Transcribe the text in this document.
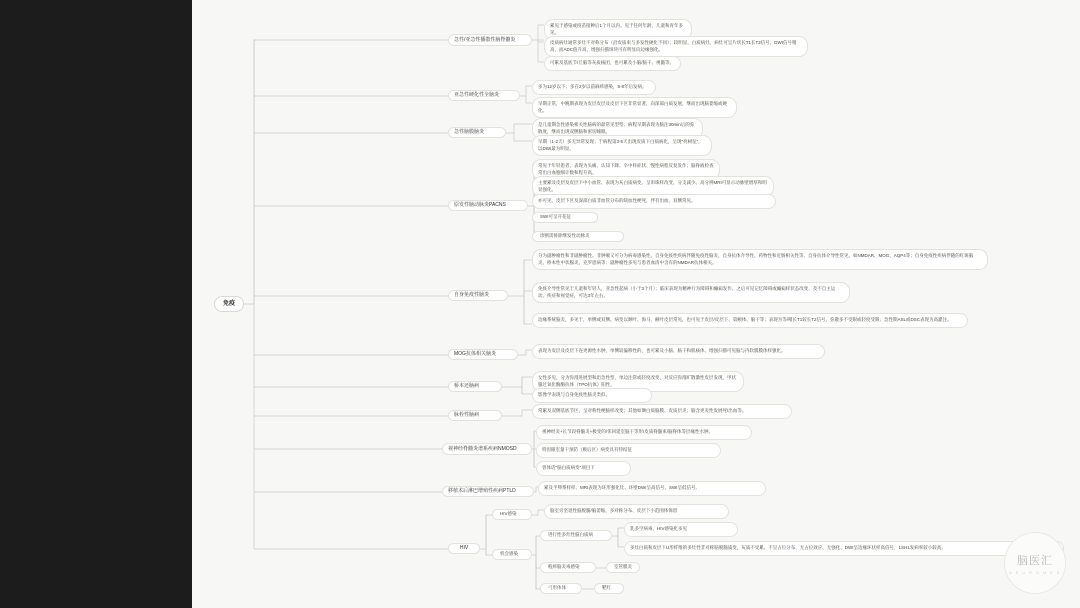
免疫
急性/亚急性播散性脑脊髓炎
累见于感染或疫苗接种后1个月以内。见于任何年龄，儿童和青年多见。
皮质病灶通常多灶不对称分布（沿皮质束与多发性硬化不同）；较明显，白质病灶，病灶可呈片状长T1长T2信号，DWI信号稍高，而ADC值升高，增强扫描斑块可有明显向边缘强化。
可累及基底节/丘脑等灰质核团，也可累及小脑/脑干、视髓等。
亚急性硬化性全脑炎
多为12岁以下；多在2岁以前麻疹感染，5-8年后发病。
早期正常，中晚期表现为皮层皮层及皮层下区非常显著，向深部白质发展，继而出现脑萎缩或硬化。
急性脑膜脑炎
是儿童期急性感染相关性脑病的最常见型型；病程早期表现为脑注30min后的弥散度，继而出现双侧脑和密切睡眠。
早期（1-2天）多无异常发现；于病程第3-5天出现皮质下白质病化，呈现"亮树征"，以DWI最为明显。
原发性脑动脉炎PACNS
常见于年轻患者，表现为头痛、认知下降、卒中样症状、慢性病程反复发作；脑脊液检查常出白血胞细计数和程升高。
主要累及皮层及皮层下中小血管、表现为灰白质病变、呈串珠样改变、分支减少。高分辨MRI可显示动脉壁增厚和明显强化。
亦可见，皮层下区及深部白质非血管分布的缺血性梗死，伴有出血，双侧常见。
SWI可呈开花征
诊断需排除继发性动脉炎
自身免疫性脑炎
分为副肿瘤性和非副肿瘤性。非肿瘤又可分为病毒感染性、自身免疫性疾病伴随免疫性脑炎、自身抗体介导性、药物性和近肠相关性等、自身抗体介导性常见，如NMDAR、MOG、AQP4等；自身免疫性疾病伴随的红斑脑炎、桥本性中状腺炎、克罗恩病等；副肿瘤性多见与患者血清中含有的NMDAR抗体相关。
免疫介导性常见于儿童和年轻人，亚急性起病（小于3个月）；临床表现为精神行为障碍和癫痫发作、之后可见记忆障碍或癫痫样状态改变，及不自主运动、疾症和视觉症，可达3年左右。
边缘系统脑炎，多见于，单侧或双侧、病变以颞叶、海马、额叶皮层常见，也可见于皮层/皮层下、第额体、脑干等；表现为等/稍长T1较长T2信号，弥散多不受限或轻度受限；急性期ASL或DSC表现为高灌注。
MOG抗体相关脑炎
表现为皮层及皮层下连更源性水肿，单侧较偏移性的，也可累及小脑、脑干和肌核体、增强扫描可见脑与内软膜膜体样强化。
桥本还脑病
女性多见，分为弥漫进展型和迅急性型，单边注常或轻度改变，对反应弥漫旷散激性皮层发现，甲状腺过氧化酶酶抗体（TPO抗体）阳性。
影像学表现与自身免疫性脑炎类似。
脉栓性脑病
常累及双侧基底节区，呈对称性梗脑样改变；其他如颞白质脑膜、皮质层炎；脑含更炎性发展死/出血等。
视神经脊髓炎谱系疾病NMOSD
视神经炎+长节段脊髓炎+极变的/邻回延室脑干等形/皮质脊髓束/脑脊体等层缘性水肿。
特因眼室量干预防（极后区）病变具有特结征
曾体话"脑白质病变"项目下
移植术后淋巴增殖性疾病PTLD
累及半卵系样样、MRI表现为环形强化灶、环壁DWI呈高信号、SWI呈低信号。
HIV
HIV感染
脑室旁坚退性脑脱髓/脑萎缩、多对称分布、皮层下小范围体保留
机会感染
进行性多灶性脑白质病
乳多空病毒、HIV感染化多见
多灶白质和皮层下U形纤维的多灶性非对称脑脱髓质变，灰质不受累、不呈占位分布、无占位效应、无强化、DWI呈边缘环状样高信号，1SH1发病率较小较高。
疱疹脑炎毒感染	室管膜炎
弓形体体	靶红
脑医汇
N E U R O M E D
